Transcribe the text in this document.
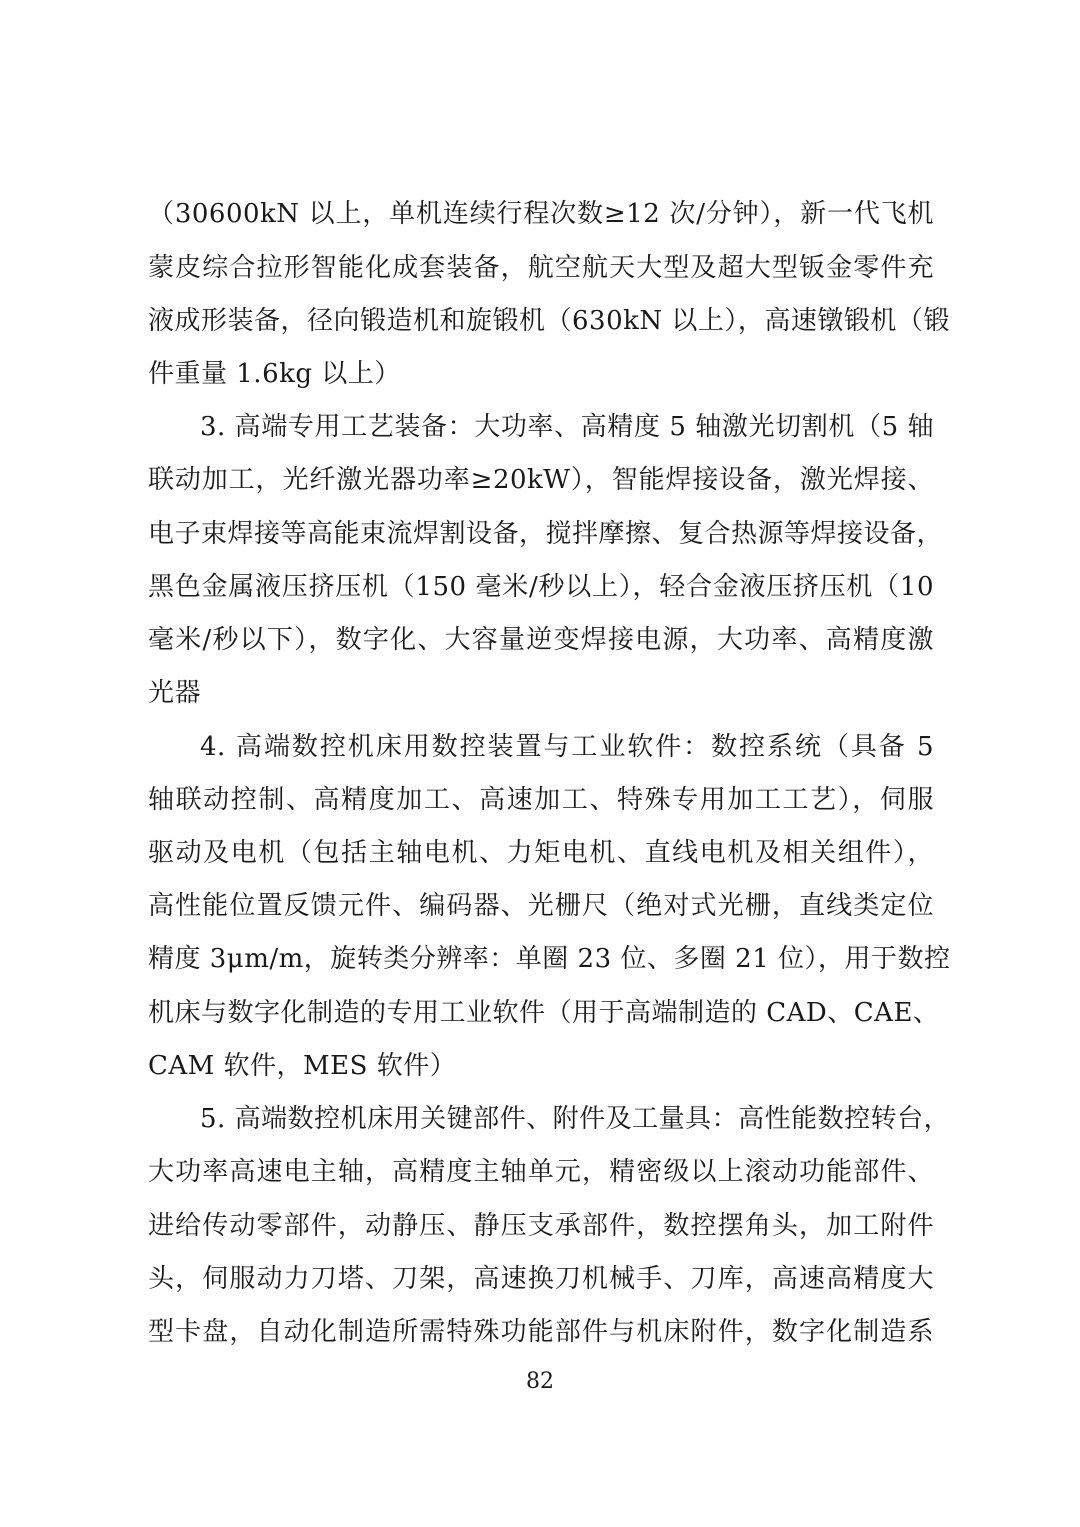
（30600kN 以上，单机连续行程次数≥12 次/分钟），新一代飞机
蒙皮综合拉形智能化成套装备，航空航天大型及超大型钣金零件充
液成形装备，径向锻造机和旋锻机（630kN 以上），高速镦锻机（锻
件重量 1.6kg 以上）
3. 高端专用工艺装备：大功率、高精度 5 轴激光切割机（5 轴
联动加工，光纤激光器功率≥20kW），智能焊接设备，激光焊接、
电子束焊接等高能束流焊割设备，搅拌摩擦、复合热源等焊接设备，
黑色金属液压挤压机（150 毫米/秒以上），轻合金液压挤压机（10
毫米/秒以下），数字化、大容量逆变焊接电源，大功率、高精度激
光器
4. 高端数控机床用数控装置与工业软件：数控系统（具备 5
轴联动控制、高精度加工、高速加工、特殊专用加工工艺），伺服
驱动及电机（包括主轴电机、力矩电机、直线电机及相关组件），
高性能位置反馈元件、编码器、光栅尺（绝对式光栅，直线类定位
精度 3μm/m，旋转类分辨率：单圈 23 位、多圈 21 位），用于数控
机床与数字化制造的专用工业软件（用于高端制造的 CAD、CAE、
CAM 软件，MES 软件）
5. 高端数控机床用关键部件、附件及工量具：高性能数控转台，
大功率高速电主轴，高精度主轴单元，精密级以上滚动功能部件、
进给传动零部件，动静压、静压支承部件，数控摆角头，加工附件
头，伺服动力刀塔、刀架，高速换刀机械手、刀库，高速高精度大
型卡盘，自动化制造所需特殊功能部件与机床附件，数字化制造系
82
